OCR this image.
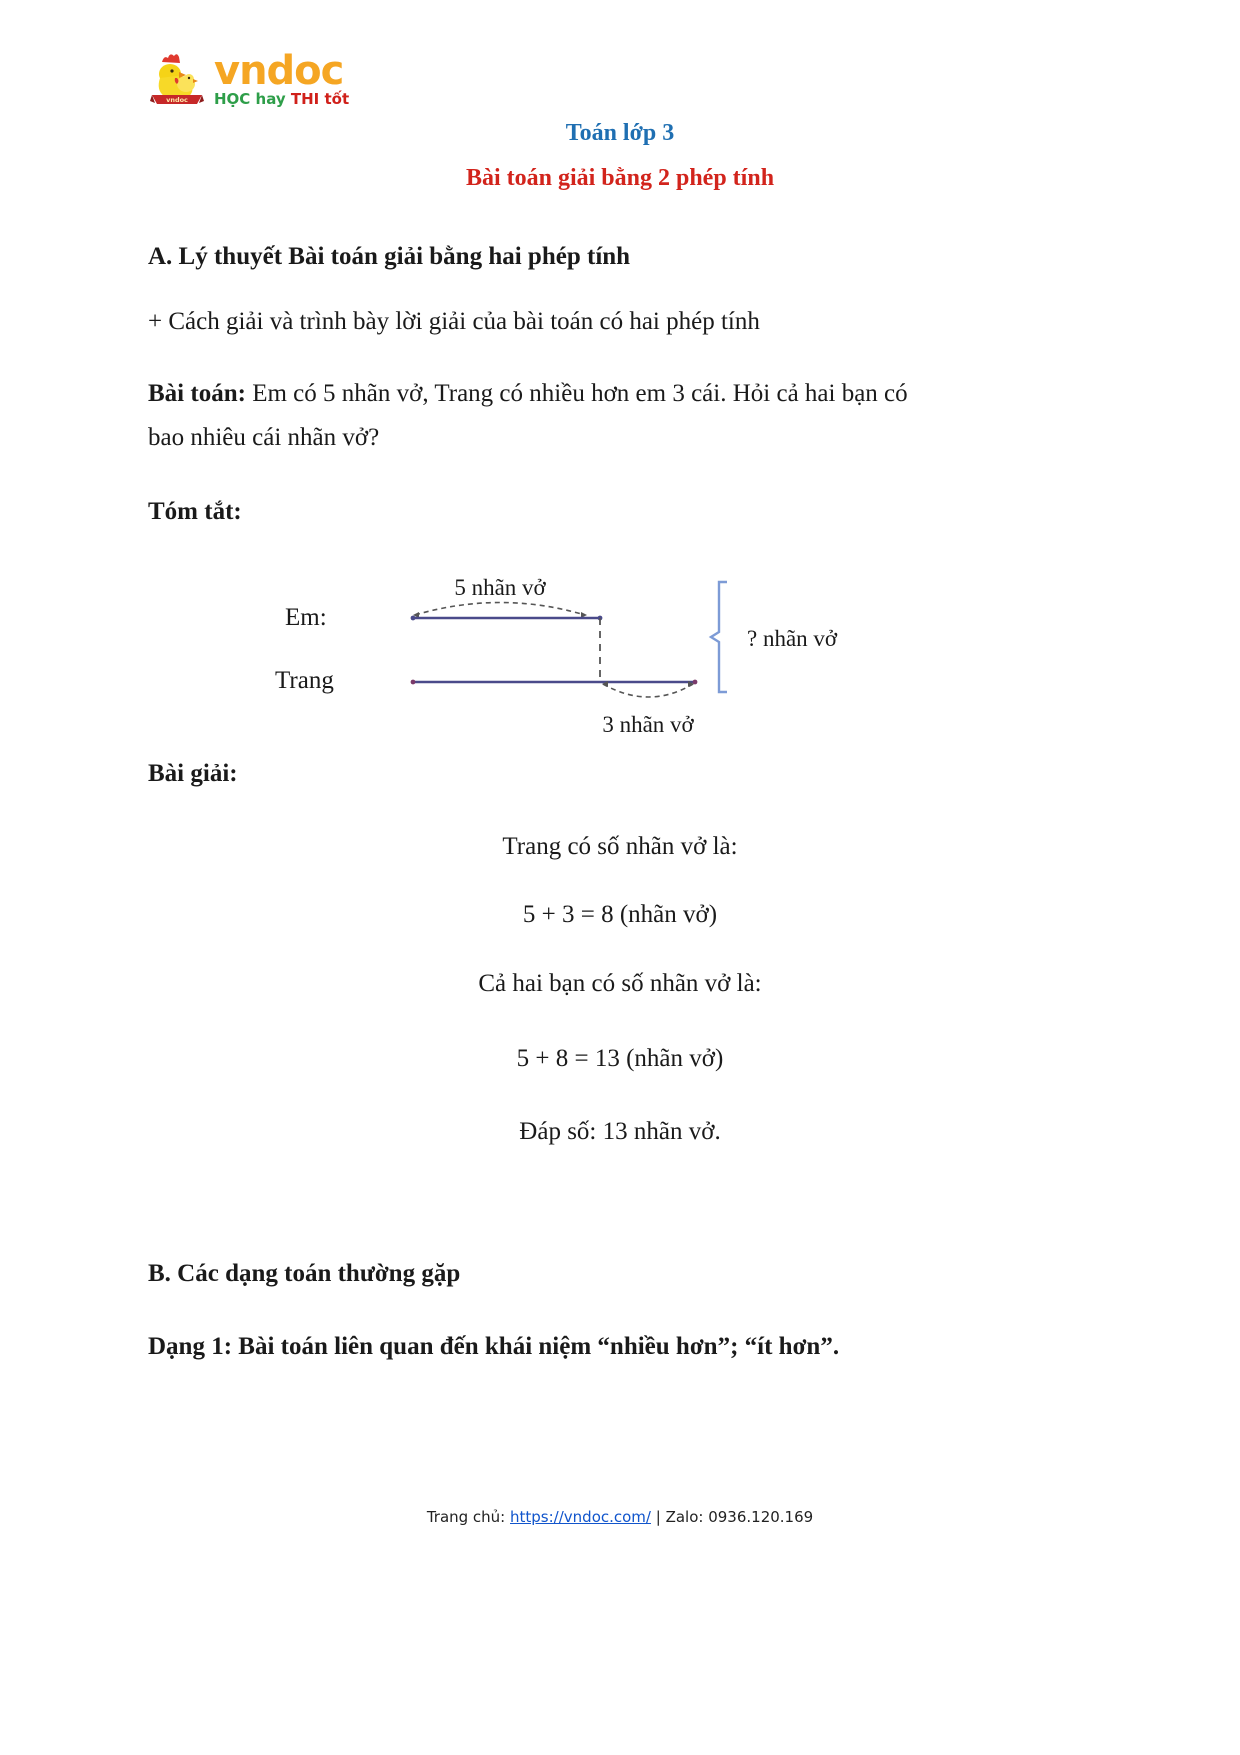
vndoc
vndoc
HỌC hay THI tốt
Toán lớp 3
Bài toán giải bằng 2 phép tính

A. Lý thuyết Bài toán giải bằng hai phép tính

+ Cách giải và trình bày lời giải của bài toán có hai phép tính

Bài toán: Em có 5 nhãn vở, Trang có nhiều hơn em 3 cái. Hỏi cả hai bạn có

bao nhiêu cái nhãn vở?

Tóm tắt:

Em:
Trang
5 nhãn vở
3 nhãn vở
? nhãn vở

Bài giải:

Trang có số nhãn vở là:

5 + 3 = 8 (nhãn vở)

Cả hai bạn có số nhãn vở là:

5 + 8 = 13 (nhãn vở)

Đáp số: 13 nhãn vở.

B. Các dạng toán thường gặp

Dạng 1: Bài toán liên quan đến khái niệm “nhiều hơn”; “ít hơn”.

Trang chủ: https://vndoc.com/ | Zalo: 0936.120.169
